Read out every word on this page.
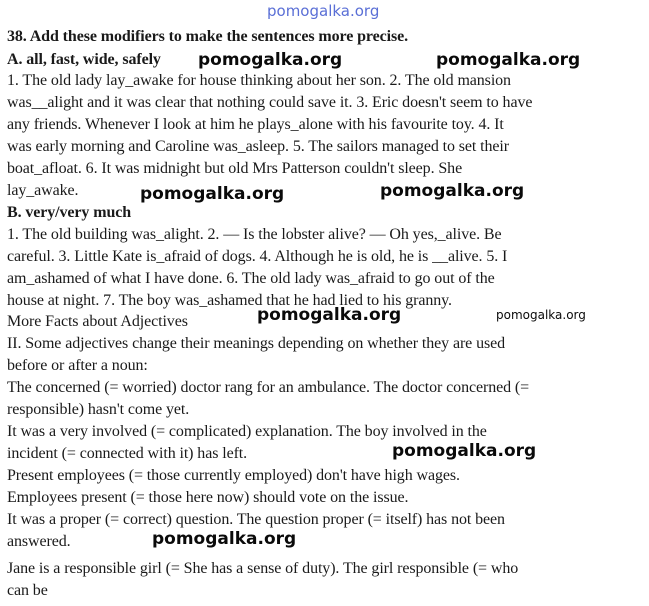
pomogalka.org
38. Add these modifiers to make the sentences more precise.
A. all, fast, wide, safely pomogalka.org	pomogalka.org
1. The old lady lay_awake for house thinking about her son. 2. The old mansion
was__alight and it was clear that nothing could save it. 3. Eric doesn't seem to have
any friends. Whenever I look at him he plays_alone with his favourite toy. 4. It
was early morning and Caroline was_asleep. 5. The sailors managed to set their
boat_afloat. 6. It was midnight but old Mrs Patterson couldn't sleep. She
lay_awake.	pomogalka.org	pomogalka.org
B. very/very much
1. The old building was_alight. 2. — Is the lobster alive? — Oh yes,_alive. Be
careful. 3. Little Kate is_afraid of dogs. 4. Although he is old, he is __alive. 5. I
am_ashamed of what I have done. 6. The old lady was_afraid to go out of the
house at night. 7. The boy was_ashamed that he had lied to his granny.
More Facts about Adjectives	pomogalka.org	pomogalka.org
II. Some adjectives change their meanings depending on whether they are used
before or after a noun:
The concerned (= worried) doctor rang for an ambulance. The doctor concerned (=
responsible) hasn't come yet.
It was a very involved (= complicated) explanation. The boy involved in the
incident (= connected with it) has left.	pomogalka.org
Present employees (= those currently employed) don't have high wages.
Employees present (= those here now) should vote on the issue.
It was a proper (= correct) question. The question proper (= itself) has not been
answered.	pomogalka.org
Jane is a responsible girl (= She has a sense of duty). The girl responsible (= who
can be
